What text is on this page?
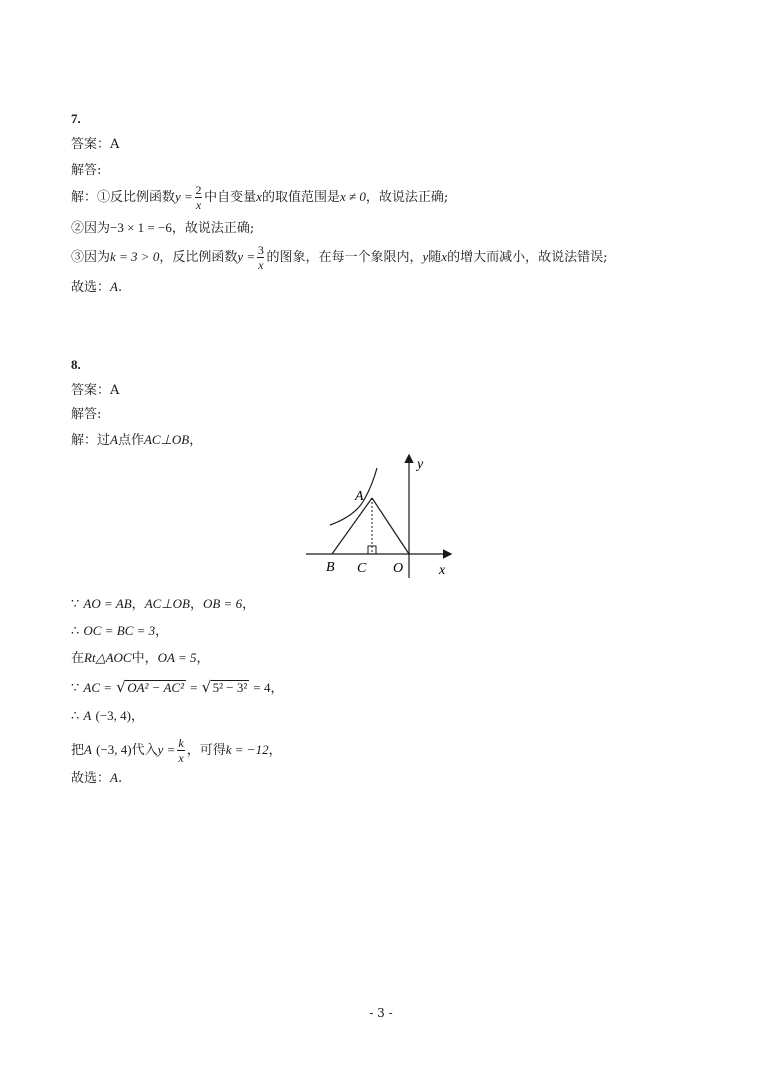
7.
答案：A
解答:
解：①反比例函数$y = \frac{2}{x}$ 中自变量x的取值范围是x ≠ 0，故说法正确;
②因为−3 × 1 = −6，故说法正确;
③因为k = 3 > 0，反比例函数$y = \frac{3}{x}$ 的图象，在每一个象限内，y随x的增大而减小，故说法错误;
故选：A.
8.
答案：A
解答:
解：过A点作AC⊥OB，
y
x
A
B C O
∵ AO = AB，AC⊥OB，OB = 6，
∴ OC = BC = 3，
在Rt△AOC中，OA = 5，
∵ AC = √ OA² − AC² = √ 5² − 3² = 4，
∴ A (−3, 4)，
把A (−3, 4)代入$y = \frac{k}{x}$ ，可得k = −12，
故选：A.
- 3 -
